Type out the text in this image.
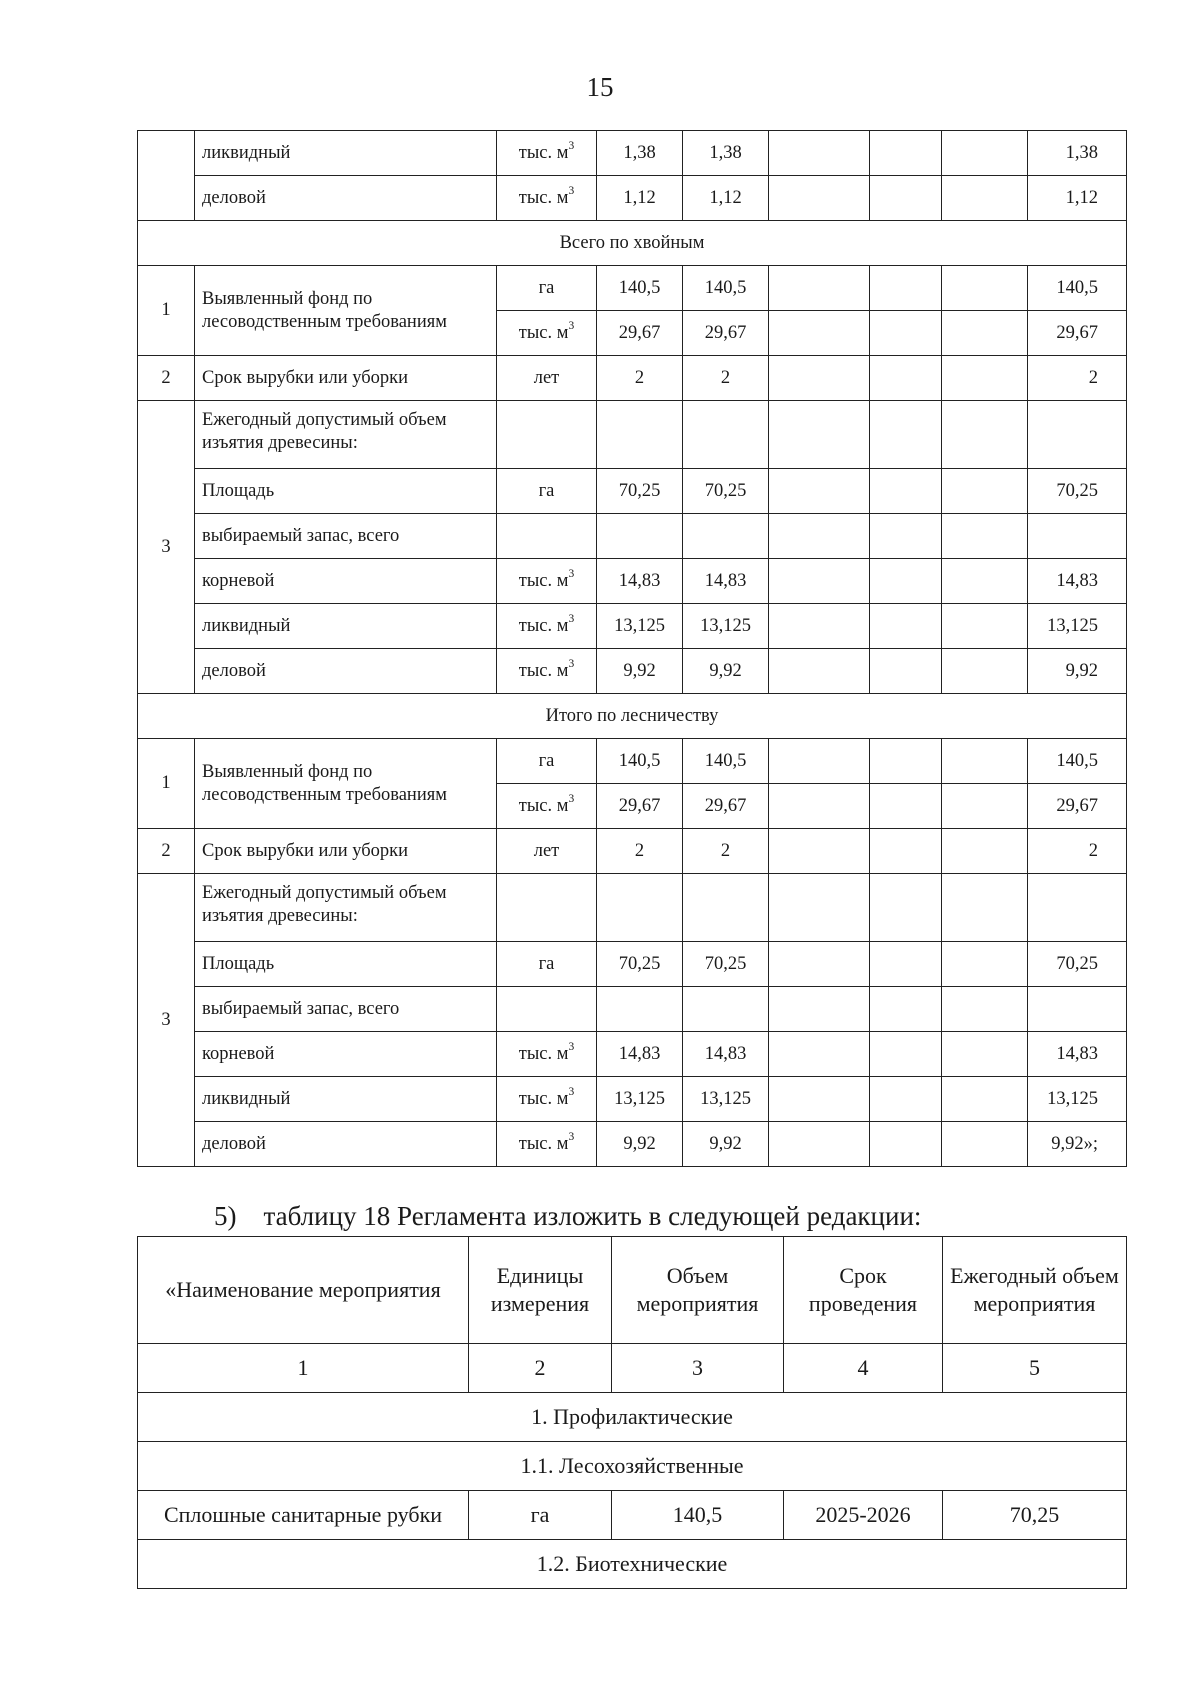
15
	ликвидный	тыс. $м^3$	1,38	1,38				1,38
	деловой	тыс. $м^3$	1,12	1,12				1,12
Всего по хвойным								
1	Выявленный фонд по лесоводственным требованиям	га	140,5	140,5				140,5
		тыс. $м^3$	29,67	29,67				29,67
2	Срок вырубки или уборки	лет	2	2				2
3	Ежегодный допустимый объем изъятия древесины:							

	Площадь	га	70,25	70,25				70,25
	выбираемый запас, всего							
	корневой	тыс. $м^3$	14,83	14,83				14,83
	ликвидный	тыс. $м^3$	13,125	13,125				13,125
	деловой	тыс. $м^3$	9,92	9,92				9,92
Итого по лесничеству								
1	Выявленный фонд по лесоводственным требованиям	га	140,5	140,5				140,5
		тыс. $м^3$	29,67	29,67				29,67
2	Срок вырубки или уборки	лет	2	2				2
3	Ежегодный допустимый объем изъятия древесины:							

	Площадь	га	70,25	70,25				70,25
	выбираемый запас, всего							
	корневой	тыс. $м^3$	14,83	14,83				14,83
	ликвидный	тыс. $м^3$	13,125	13,125				13,125
	деловой	тыс. $м^3$	9,92	9,92				9,92»;
5) таблицу 18 Регламента изложить в следующей редакции:
«Наименование мероприятия	Единицы измерения	Объем мероприятия	Срок проведения	Ежегодный объем мероприятия
1	2	3	4	5
1. Профилактические				
1.1. Лесохозяйственные				
Сплошные санитарные рубки	га	140,5	2025-2026	70,25
1.2. Биотехнические				
